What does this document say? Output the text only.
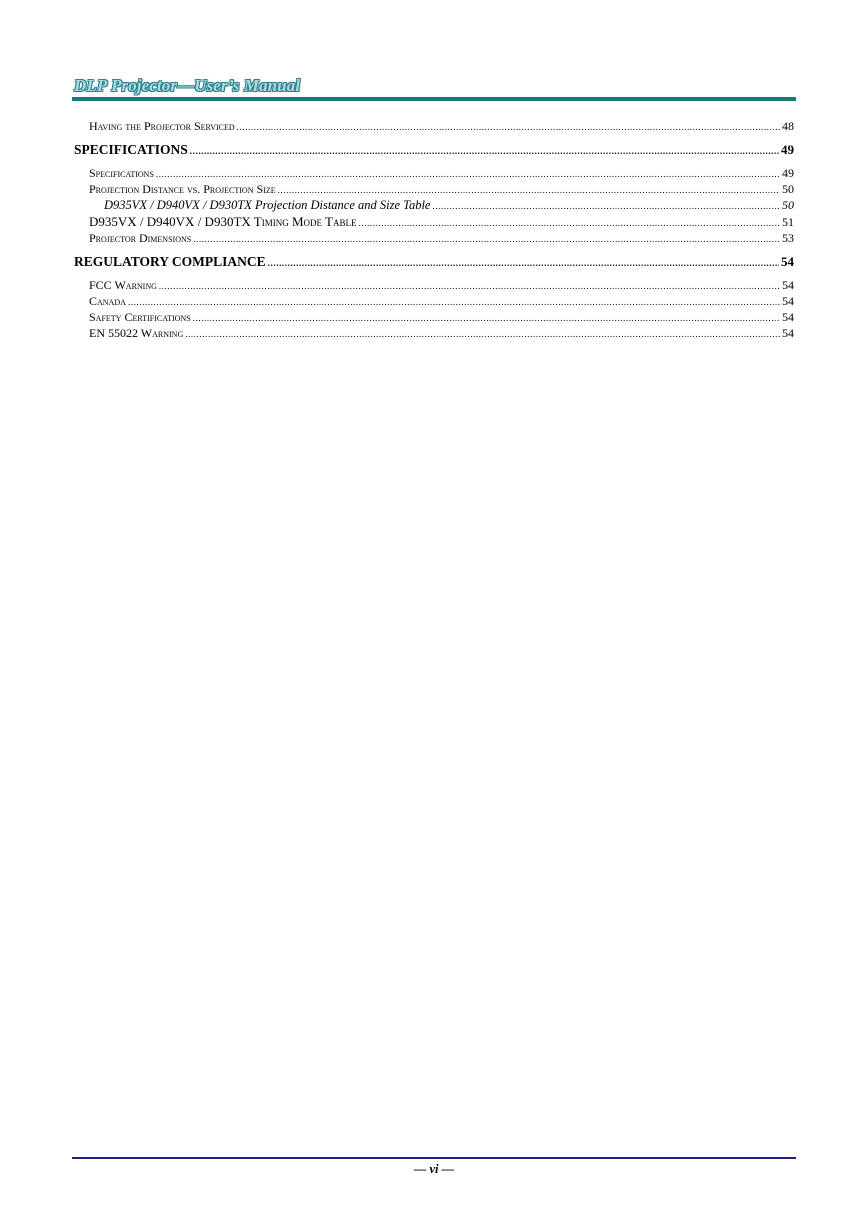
DLP Projector—User’s Manual
Having the Projector Serviced .....	48
SPECIFICATIONS .....	49
Specifications .....	49
Projection Distance vs. Projection Size .....	50
D935VX / D940VX / D930TX Projection Distance and Size Table .....	50
D935VX / D940VX / D930TX Timing Mode Table .....	51
Projector Dimensions .....	53
REGULATORY COMPLIANCE .....	54
FCC Warning .....	54
Canada .....	54
Safety Certifications .....	54
EN 55022 Warning .....	54
— vi —
